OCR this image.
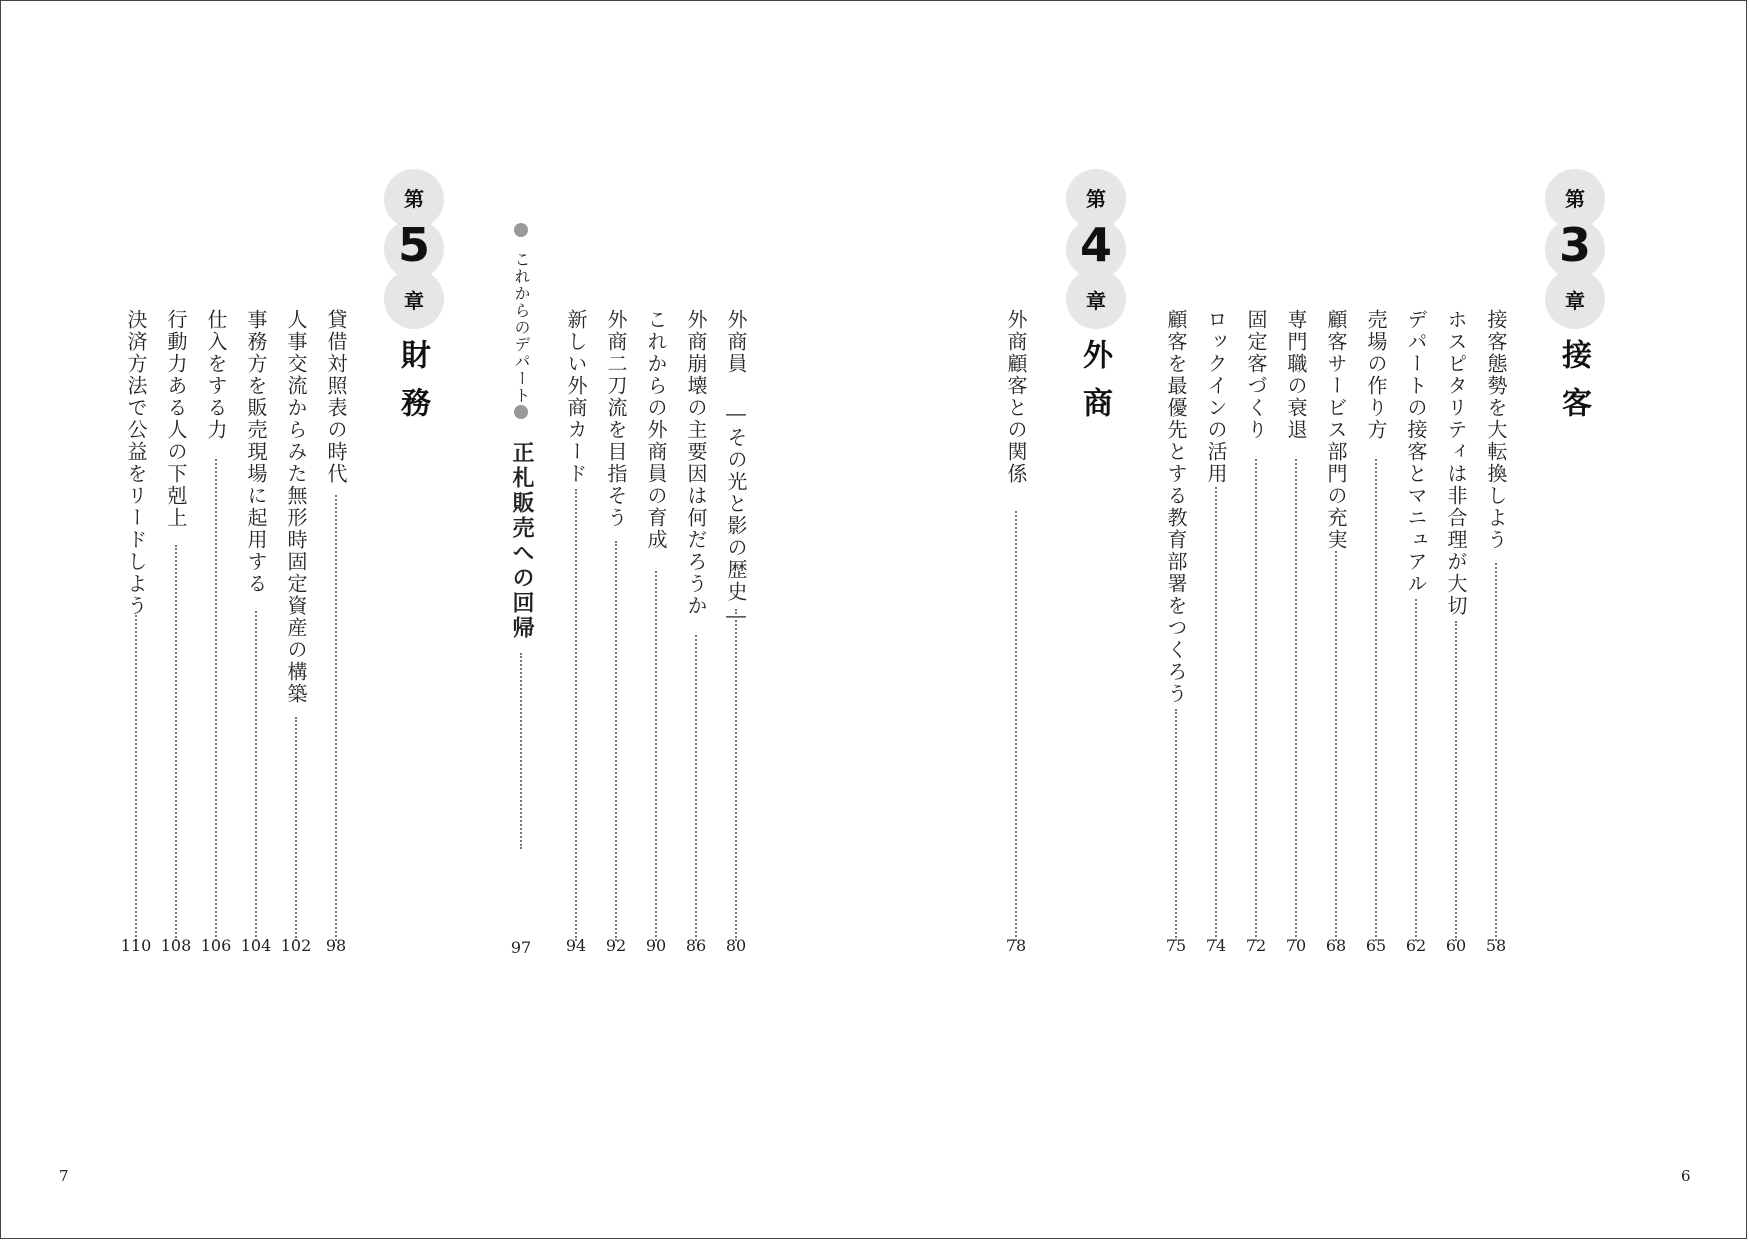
第
3
章
接客
接客態勢を大転換しよう
58
ホスピタリティは非合理が大切
60
デパートの接客とマニュアル
62
売場の作り方
65
顧客サービス部門の充実
68
専門職の衰退
70
固定客づくり
72
ロックインの活用
74
顧客を最優先とする教育部署をつくろう
75
第
4
章
外商
外商顧客との関係
78
外商員 ―その光と影の歴史―
80
外商崩壊の主要因は何だろうか
86
これからの外商員の育成
90
外商二刀流を目指そう
92
新しい外商カード
94
これからのデパート
正札販売への回帰
97
第
5
章
財務
貸借対照表の時代
98
人事交流からみた無形時固定資産の構築
102
事務方を販売現場に起用する
104
仕入をする力
106
行動力ある人の下剋上
108
決済方法で公益をリードしよう
110
7	6
